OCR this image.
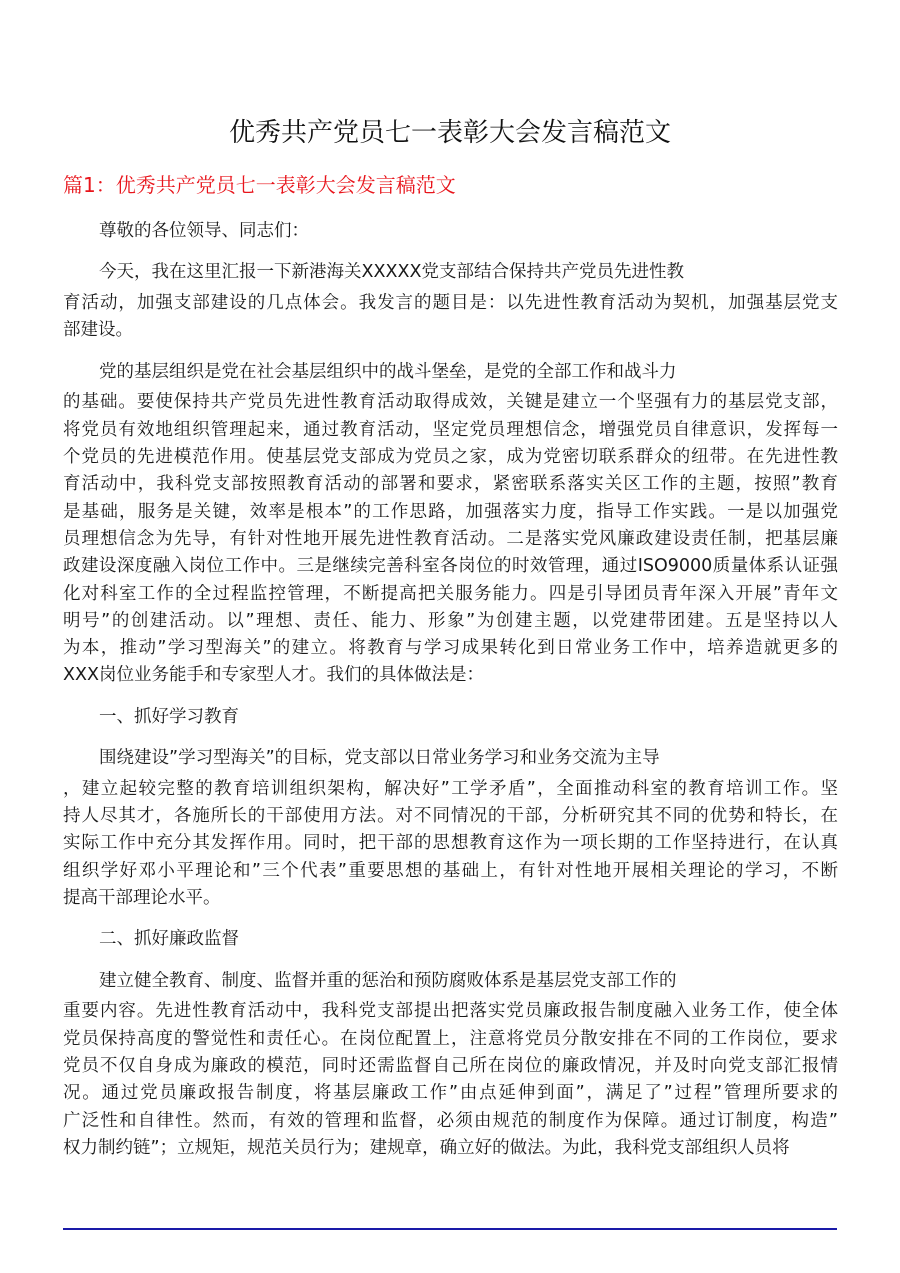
优秀共产党员七一表彰大会发言稿范文
篇1：优秀共产党员七一表彰大会发言稿范文
尊敬的各位领导、同志们：
今天，我在这里汇报一下新港海关XXXXX党支部结合保持共产党员先进性教
育活动，加强支部建设的几点体会。我发言的题目是：以先进性教育活动为契机，加强基层党支
部建设。
党的基层组织是党在社会基层组织中的战斗堡垒，是党的全部工作和战斗力
的基础。要使保持共产党员先进性教育活动取得成效，关键是建立一个坚强有力的基层党支部，
将党员有效地组织管理起来，通过教育活动，坚定党员理想信念，增强党员自律意识，发挥每一
个党员的先进模范作用。使基层党支部成为党员之家，成为党密切联系群众的纽带。在先进性教
育活动中，我科党支部按照教育活动的部署和要求，紧密联系落实关区工作的主题，按照”教育
是基础，服务是关键，效率是根本”的工作思路，加强落实力度，指导工作实践。一是以加强党
员理想信念为先导，有针对性地开展先进性教育活动。二是落实党风廉政建设责任制，把基层廉
政建设深度融入岗位工作中。三是继续完善科室各岗位的时效管理，通过ISO9000质量体系认证强
化对科室工作的全过程监控管理，不断提高把关服务能力。四是引导团员青年深入开展”青年文
明号”的创建活动。以”理想、责任、能力、形象”为创建主题，以党建带团建。五是坚持以人
为本，推动”学习型海关”的建立。将教育与学习成果转化到日常业务工作中，培养造就更多的
XXX岗位业务能手和专家型人才。我们的具体做法是：
一、抓好学习教育
围绕建设”学习型海关”的目标，党支部以日常业务学习和业务交流为主导
，建立起较完整的教育培训组织架构，解决好”工学矛盾”，全面推动科室的教育培训工作。坚
持人尽其才，各施所长的干部使用方法。对不同情况的干部，分析研究其不同的优势和特长，在
实际工作中充分其发挥作用。同时，把干部的思想教育这作为一项长期的工作坚持进行，在认真
组织学好邓小平理论和”三个代表”重要思想的基础上，有针对性地开展相关理论的学习，不断
提高干部理论水平。
二、抓好廉政监督
建立健全教育、制度、监督并重的惩治和预防腐败体系是基层党支部工作的
重要内容。先进性教育活动中，我科党支部提出把落实党员廉政报告制度融入业务工作，使全体
党员保持高度的警觉性和责任心。在岗位配置上，注意将党员分散安排在不同的工作岗位，要求
党员不仅自身成为廉政的模范，同时还需监督自己所在岗位的廉政情况，并及时向党支部汇报情
况。通过党员廉政报告制度，将基层廉政工作”由点延伸到面”，满足了”过程”管理所要求的
广泛性和自律性。然而，有效的管理和监督，必须由规范的制度作为保障。通过订制度，构造”
权力制约链”；立规矩，规范关员行为；建规章，确立好的做法。为此，我科党支部组织人员将
